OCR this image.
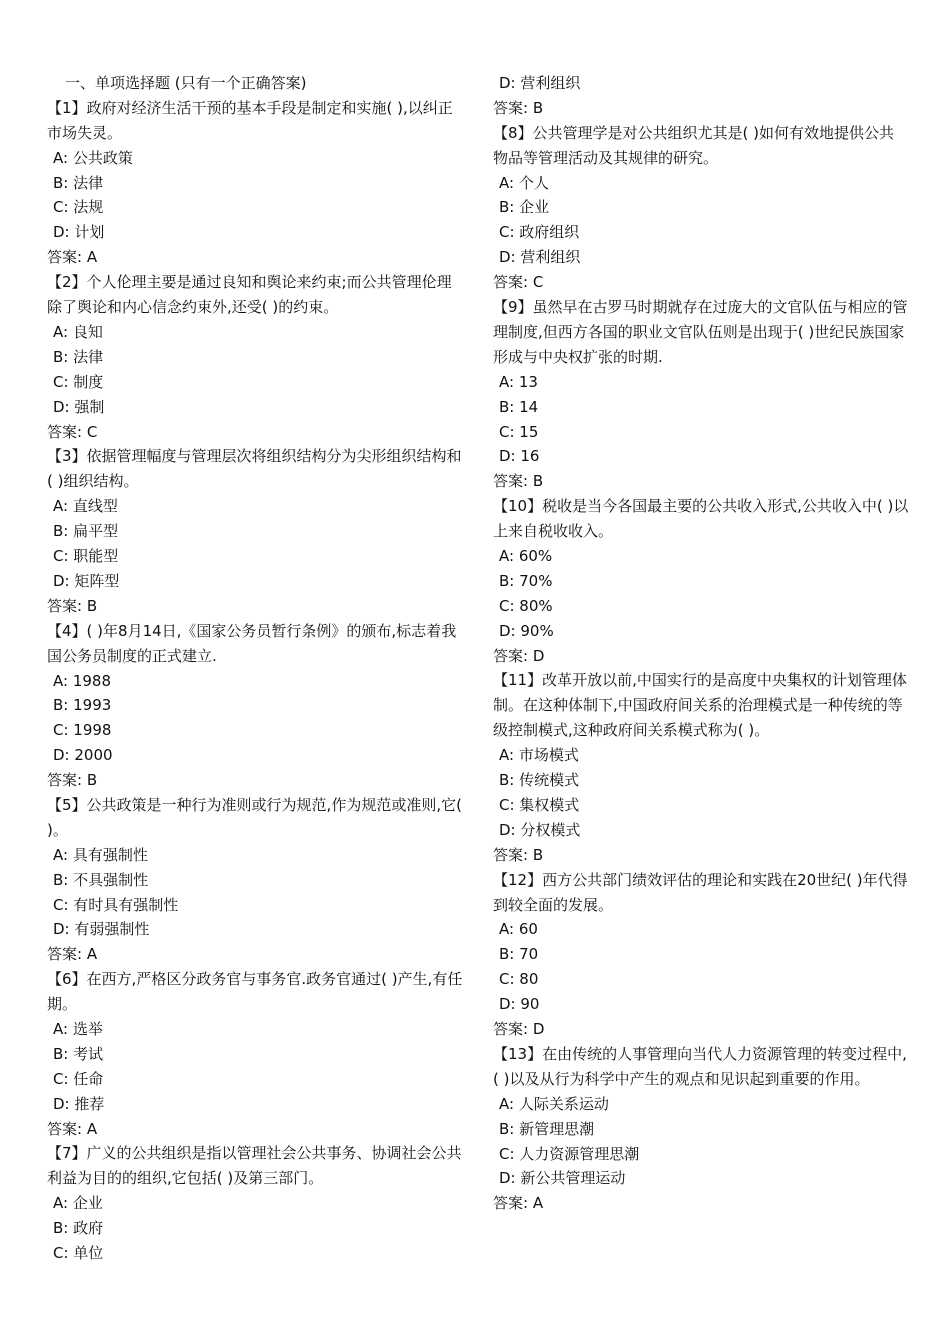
一、单项选择题 (只有一个正确答案)
【1】政府对经济生活干预的基本手段是制定和实施( ),以纠正市场失灵。
A: 公共政策
B: 法律
C: 法规
D: 计划
答案: A
【2】个人伦理主要是通过良知和舆论来约束;而公共管理伦理除了舆论和内心信念约束外,还受( )的约束。
A: 良知
B: 法律
C: 制度
D: 强制
答案: C
【3】依据管理幅度与管理层次将组织结构分为尖形组织结构和( )组织结构。
A: 直线型
B: 扁平型
C: 职能型
D: 矩阵型
答案: B
【4】( )年8月14日,《国家公务员暂行条例》的颁布,标志着我国公务员制度的正式建立.
A: 1988
B: 1993
C: 1998
D: 2000
答案: B
【5】公共政策是一种行为准则或行为规范,作为规范或准则,它( )。
A: 具有强制性
B: 不具强制性
C: 有时具有强制性
D: 有弱强制性
答案: A
【6】在西方,严格区分政务官与事务官.政务官通过( )产生,有任期。
A: 选举
B: 考试
C: 任命
D: 推荐
答案: A
【7】广义的公共组织是指以管理社会公共事务、协调社会公共利益为目的的组织,它包括( )及第三部门。
A: 企业
B: 政府
C: 单位
D: 营利组织
答案: B
【8】公共管理学是对公共组织尤其是( )如何有效地提供公共物品等管理活动及其规律的研究。
A: 个人
B: 企业
C: 政府组织
D: 营利组织
答案: C
【9】虽然早在古罗马时期就存在过庞大的文官队伍与相应的管理制度,但西方各国的职业文官队伍则是出现于( )世纪民族国家形成与中央权扩张的时期.
A: 13
B: 14
C: 15
D: 16
答案: B
【10】税收是当今各国最主要的公共收入形式,公共收入中( )以上来自税收收入。
A: 60%
B: 70%
C: 80%
D: 90%
答案: D
【11】改革开放以前,中国实行的是高度中央集权的计划管理体制。在这种体制下,中国政府间关系的治理模式是一种传统的等级控制模式,这种政府间关系模式称为( )。
A: 市场模式
B: 传统模式
C: 集权模式
D: 分权模式
答案: B
【12】西方公共部门绩效评估的理论和实践在20世纪( )年代得到较全面的发展。
A: 60
B: 70
C: 80
D: 90
答案: D
【13】在由传统的人事管理向当代人力资源管理的转变过程中,( )以及从行为科学中产生的观点和见识起到重要的作用。
A: 人际关系运动
B: 新管理思潮
C: 人力资源管理思潮
D: 新公共管理运动
答案: A
